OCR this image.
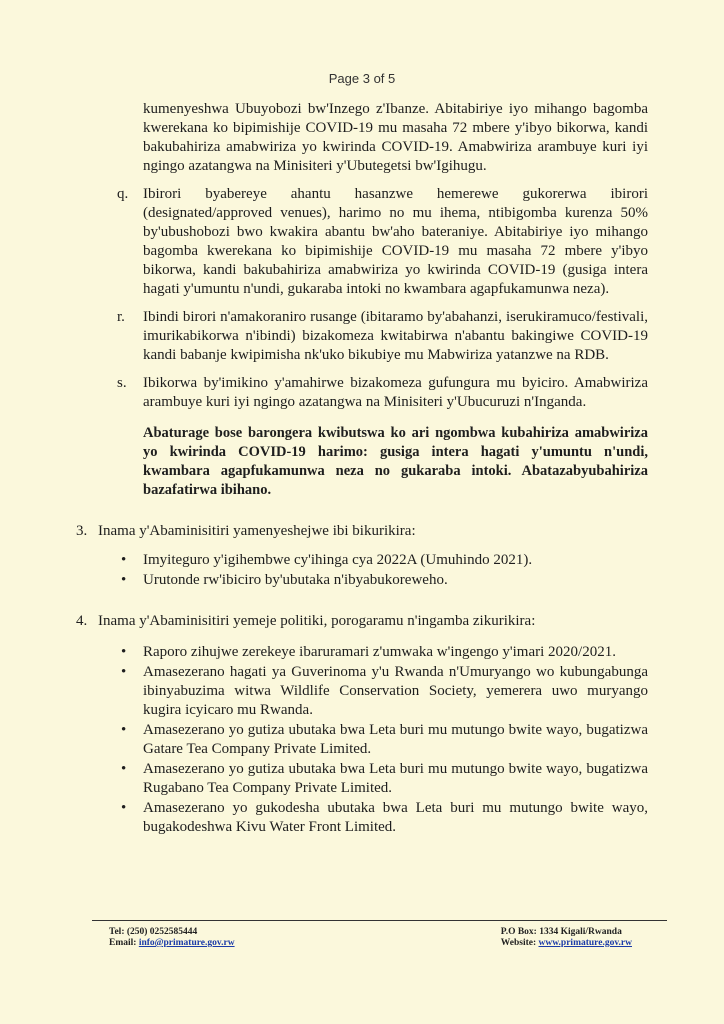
Page 3 of 5
kumenyeshwa Ubuyobozi bw'Inzego z'Ibanze. Abitabiriye iyo mihango bagomba kwerekana ko bipimishije COVID-19 mu masaha 72 mbere y'ibyo bikorwa, kandi bakubahiriza amabwiriza yo kwirinda COVID-19. Amabwiriza arambuye kuri iyi ngingo azatangwa na Minisiteri y'Ubutegetsi bw'Igihugu.
q. Ibirori byabereye ahantu hasanzwe hemerewe gukorerwa ibirori (designated/approved venues), harimo no mu ihema, ntibigomba kurenza 50% by'ubushobozi bwo kwakira abantu bw'aho bateraniye. Abitabiriye iyo mihango bagomba kwerekana ko bipimishije COVID-19 mu masaha 72 mbere y'ibyo bikorwa, kandi bakubahiriza amabwiriza yo kwirinda COVID-19 (gusiga intera hagati y'umuntu n'undi, gukaraba intoki no kwambara agapfukamunwa neza).
r.	Ibindi birori n'amakoraniro rusange (ibitaramo by'abahanzi, iserukiramuco/festivali, imurikabikorwa n'ibindi) bizakomeza kwitabirwa n'abantu bakingiwe COVID-19 kandi babanje kwipimisha nk'uko bikubiye mu Mabwiriza yatanzwe na RDB.
s.	Ibikorwa by'imikino y'amahirwe bizakomeza gufungura mu byiciro. Amabwiriza arambuye kuri iyi ngingo azatangwa na Minisiteri y'Ubucuruzi n'Inganda.
Abaturage bose barongera kwibutswa ko ari ngombwa kubahiriza amabwiriza yo kwirinda COVID-19 harimo: gusiga intera hagati y'umuntu n'undi, kwambara agapfukamunwa neza no gukaraba intoki. Abatazabyubahiriza bazafatirwa ibihano.
3. Inama y'Abaminisitiri yamenyeshejwe ibi bikurikira:
• Imyiteguro y'igihembwe cy'ihinga cya 2022A (Umuhindo 2021).
• Urutonde rw'ibiciro by'ubutaka n'ibyabukoreweho.
4. Inama y'Abaminisitiri yemeje politiki, porogaramu n'ingamba zikurikira:
• Raporo zihujwe zerekeye ibaruramari z'umwaka w'ingengo y'imari 2020/2021.
• Amasezerano hagati ya Guverinoma y'u Rwanda n'Umuryango wo kubungabunga ibinyabuzima witwa Wildlife Conservation Society, yemerera uwo muryango kugira icyicaro mu Rwanda.
• Amasezerano yo gutiza ubutaka bwa Leta buri mu mutungo bwite wayo, bugatizwa Gatare Tea Company Private Limited.
• Amasezerano yo gutiza ubutaka bwa Leta buri mu mutungo bwite wayo, bugatizwa Rugabano Tea Company Private Limited.
• Amasezerano yo gukodesha ubutaka bwa Leta buri mu mutungo bwite wayo, bugakodeshwa Kivu Water Front Limited.
Tel: (250) 0252585444
Email: info@primature.gov.rw
P.O Box: 1334 Kigali/Rwanda
Website: www.primature.gov.rw
